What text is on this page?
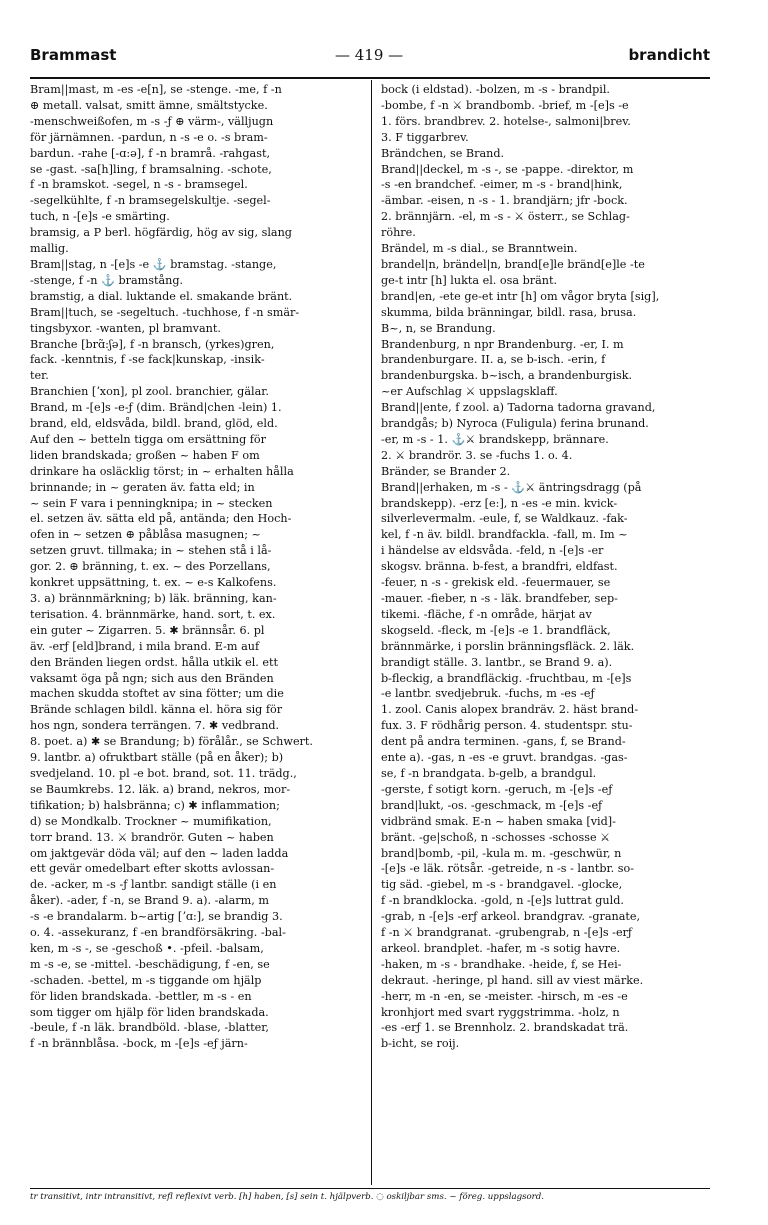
Brammast	— 419 —	brandicht
Bram||mast, m -es -e[n], se -stenge. -me, f -n
⊕ metall. valsat, smitt ämne, smältstycke.
-menschweißofen, m -s -ƒ ⊕ värm-, välljugn
för järnämnen. -pardun, n -s -e o. -s bram-
bardun. -rahe [-ɑ:ə], f -n bramrå. -rahgast,
se -gast. -sa[h]ling, f bramsalning. -schote,
f -n bramskot. -segel, n -s - bramsegel.
-segelkühlte, f -n bramsegelskultje. -segel-
tuch, n -[e]s -e smärting.
bramsig, a P berl. högfärdig, hög av sig, slang
mallig.
Bram||stag, n -[e]s -e ⚓ bramstag. -stange,
-stenge, f -n ⚓ bramstång.
bramstig, a dial. luktande el. smakande bränt.
Bram||tuch, se -segeltuch. -tuchhose, f -n smär-
tingsbyxor. -wanten, pl bramvant.
Branche [brɑ̃:ʃə], f -n bransch, (yrkes)gren,
fack. -kenntnis, f -se fack|kunskap, -insik-
ter.
Branchien [ʼxon], pl zool. branchier, gälar.
Brand, m -[e]s -e-ƒ (dim. Bränd|chen -lein) 1.
brand, eld, eldsvåda, bildl. brand, glöd, eld.
Auf den ~ betteln tigga om ersättning för
liden brandskada; großen ~ haben F om
drinkare ha osläcklig törst; in ~ erhalten hålla
brinnande; in ~ geraten äv. fatta eld; in
~ sein F vara i penningknipa; in ~ stecken
el. setzen äv. sätta eld på, antända; den Hoch-
ofen in ~ setzen ⊕ påblåsa masugnen; ~
setzen gruvt. tillmaka; in ~ stehen stå i lå-
gor. 2. ⊕ bränning, t. ex. ~ des Porzellans,
konkret uppsättning, t. ex. ~ e-s Kalkofens.
3. a) brännmärkning; b) läk. bränning, kan-
terisation. 4. brännmärke, hand. sort, t. ex.
ein guter ~ Zigarren. 5. ✱ brännsår. 6. pl
äv. -erƒ [eld]brand, i mila brand. E-m auf
den Bränden liegen ordst. hålla utkik el. ett
vaksamt öga på ngn; sich aus den Bränden
machen skudda stoftet av sina fötter; um die
Brände schlagen bildl. känna el. höra sig för
hos ngn, sondera terrängen. 7. ✱ vedbrand.
8. poet. a) ✱ se Brandung; b) förålår., se Schwert.
9. lantbr. a) ofruktbart ställe (på en åker); b)
svedjeland. 10. pl -e bot. brand, sot. 11. trädg.,
se Baumkrebs. 12. läk. a) brand, nekros, mor-
tifikation; b) halsbränna; c) ✱ inflammation;
d) se Mondkalb. Trockner ~ mumifikation,
torr brand. 13. ⚔ brandrör. Guten ~ haben
om jaktgevär döda väl; auf den ~ laden ladda
ett gevär omedelbart efter skotts avlossan-
de. -acker, m -s -ƒ lantbr. sandigt ställe (i en
åker). -ader, f -n, se Brand 9. a). -alarm, m
-s -e brandalarm. b~artig [ʼɑ:], se brandig 3.
o. 4. -assekuranz, f -en brandförsäkring. -bal-
ken, m -s -, se -geschoß •. -pfeil. -balsam,
m -s -e, se -mittel. -beschädigung, f -en, se
-schaden. -bettel, m -s tiggande om hjälp
för liden brandskada. -bettler, m -s - en
som tigger om hjälp för liden brandskada.
-beule, f -n läk. brandböld. -blase, -blatter,
f -n brännblåsa. -bock, m -[e]s -eƒ järn-
bock (i eldstad). -bolzen, m -s - brandpil.
-bombe, f -n ⚔ brandbomb. -brief, m -[e]s -e
1. förs. brandbrev. 2. hotelse-, salmoni|brev.
3. F tiggarbrev.
Brändchen, se Brand.
Brand||deckel, m -s -, se -pappe. -direktor, m
-s -en brandchef. -eimer, m -s - brand|hink,
-ämbar. -eisen, n -s - 1. brandjärn; jfr -bock.
2. brännjärn. -el, m -s - ⚔ österr., se Schlag-
röhre.
Brändel, m -s dial., se Branntwein.
brandel|n, brändel|n, brand[e]le bränd[e]le -te
ge-t intr [h] lukta el. osa bränt.
brand|en, -ete ge-et intr [h] om vågor bryta [sig],
skumma, bilda bränningar, bildl. rasa, brusa.
B~, n, se Brandung.
Brandenburg, n npr Brandenburg. -er, I. m
brandenburgare. II. a, se b-isch. -erin, f
brandenburgska. b~isch, a brandenburgisk.
~er Aufschlag ⚔ uppslagsklaff.
Brand||ente, f zool. a) Tadorna tadorna gravand,
brandgås; b) Nyroca (Fuligula) ferina brunand.
-er, m -s - 1. ⚓⚔ brandskepp, brännare.
2. ⚔ brandrör. 3. se -fuchs 1. o. 4.
Bränder, se Brander 2.
Brand||erhaken, m -s - ⚓⚔ äntringsdragg (på
brandskepp). -erz [e:], n -es -e min. kvick-
silverlevermalm. -eule, f, se Waldkauz. -fak-
kel, f -n äv. bildl. brandfackla. -fall, m. Im ~
i händelse av eldsvåda. -feld, n -[e]s -er
skogsv. bränna. b-fest, a brandfri, eldfast.
-feuer, n -s - grekisk eld. -feuermauer, se
-mauer. -fieber, n -s - läk. brandfeber, sep-
tikemi. -fläche, f -n område, härjat av
skogseld. -fleck, m -[e]s -e 1. brandfläck,
brännmärke, i porslin bränningsfläck. 2. läk.
brandigt ställe. 3. lantbr., se Brand 9. a).
b-fleckig, a brandfläckig. -fruchtbau, m -[e]s
-e lantbr. svedjebruk. -fuchs, m -es -eƒ
1. zool. Canis alopex brandräv. 2. häst brand-
fux. 3. F rödhårig person. 4. studentspr. stu-
dent på andra terminen. -gans, f, se Brand-
ente a). -gas, n -es -e gruvt. brandgas. -gas-
se, f -n brandgata. b-gelb, a brandgul.
-gerste, f sotigt korn. -geruch, m -[e]s -eƒ
brand|lukt, -os. -geschmack, m -[e]s -eƒ
vidbränd smak. E-n ~ haben smaka [vid]-
bränt. -ge|schoß, n -schosses -schosse ⚔
brand|bomb, -pil, -kula m. m. -geschwür, n
-[e]s -e läk. rötsår. -getreide, n -s - lantbr. so-
tig säd. -giebel, m -s - brandgavel. -glocke,
f -n brandklocka. -gold, n -[e]s luttrat guld.
-grab, n -[e]s -erƒ arkeol. brandgrav. -granate,
f -n ⚔ brandgranat. -grubengrab, n -[e]s -erƒ
arkeol. brandplet. -hafer, m -s sotig havre.
-haken, m -s - brandhake. -heide, f, se Hei-
dekraut. -heringe, pl hand. sill av viest märke.
-herr, m -n -en, se -meister. -hirsch, m -es -e
kronhjort med svart ryggstrimma. -holz, n
-es -erƒ 1. se Brennholz. 2. brandskadat trä.
b-icht, se roij.
tr transitivt, intr intransitivt, refl reflexivt verb. [h] haben, [s] sein t. hjälpverb. ◌ oskiljbar sms. ~ föreg. uppslagsord.
